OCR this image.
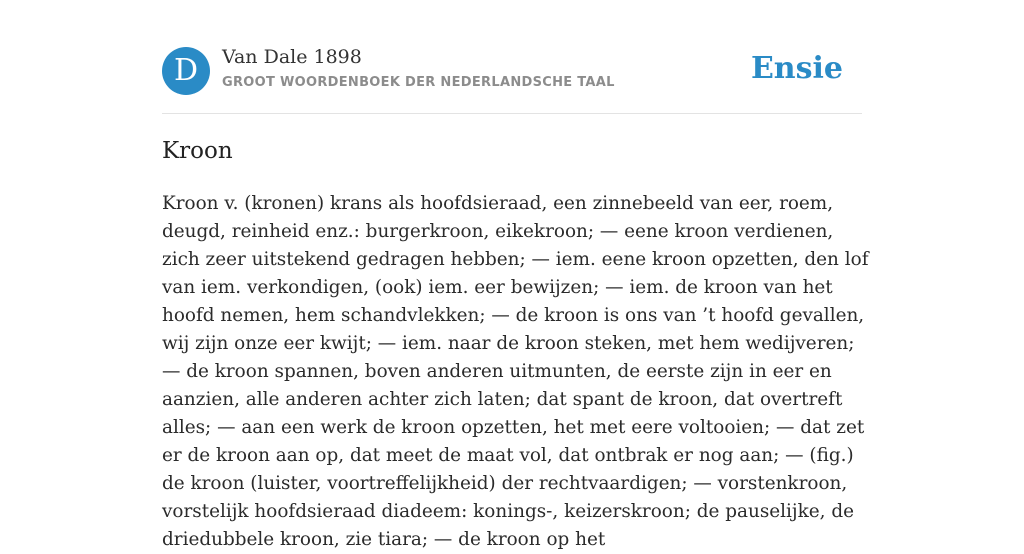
D	Van Dale 1898
GROOT WOORDENBOEK DER NEDERLANDSCHE TAAL	Ensie
Kroon

Kroon v. (kronen) krans als hoofdsieraad, een zinnebeeld van eer, roem, deugd, reinheid enz.: burgerkroon, eikekroon; — eene kroon verdienen, zich zeer uitstekend gedragen hebben; — iem. eene kroon opzetten, den lof van iem. verkondigen, (ook) iem. eer bewijzen; — iem. de kroon van het hoofd nemen, hem schandvlekken; — de kroon is ons van ’t hoofd gevallen, wij zijn onze eer kwijt; — iem. naar de kroon steken, met hem wedijveren; — de kroon spannen, boven anderen uitmunten, de eerste zijn in eer en aanzien, alle anderen achter zich laten; dat spant de kroon, dat overtreft alles; — aan een werk de kroon opzetten, het met eere voltooien; — dat zet er de kroon aan op, dat meet de maat vol, dat ontbrak er nog aan; — (fig.) de kroon (luister, voortreffelijkheid) der rechtvaardigen; — vorstenkroon, vorstelijk hoofdsieraad diadeem: konings-, keizerskroon; de pauselijke, de driedubbele kroon, zie tiara; — de kroon op het
